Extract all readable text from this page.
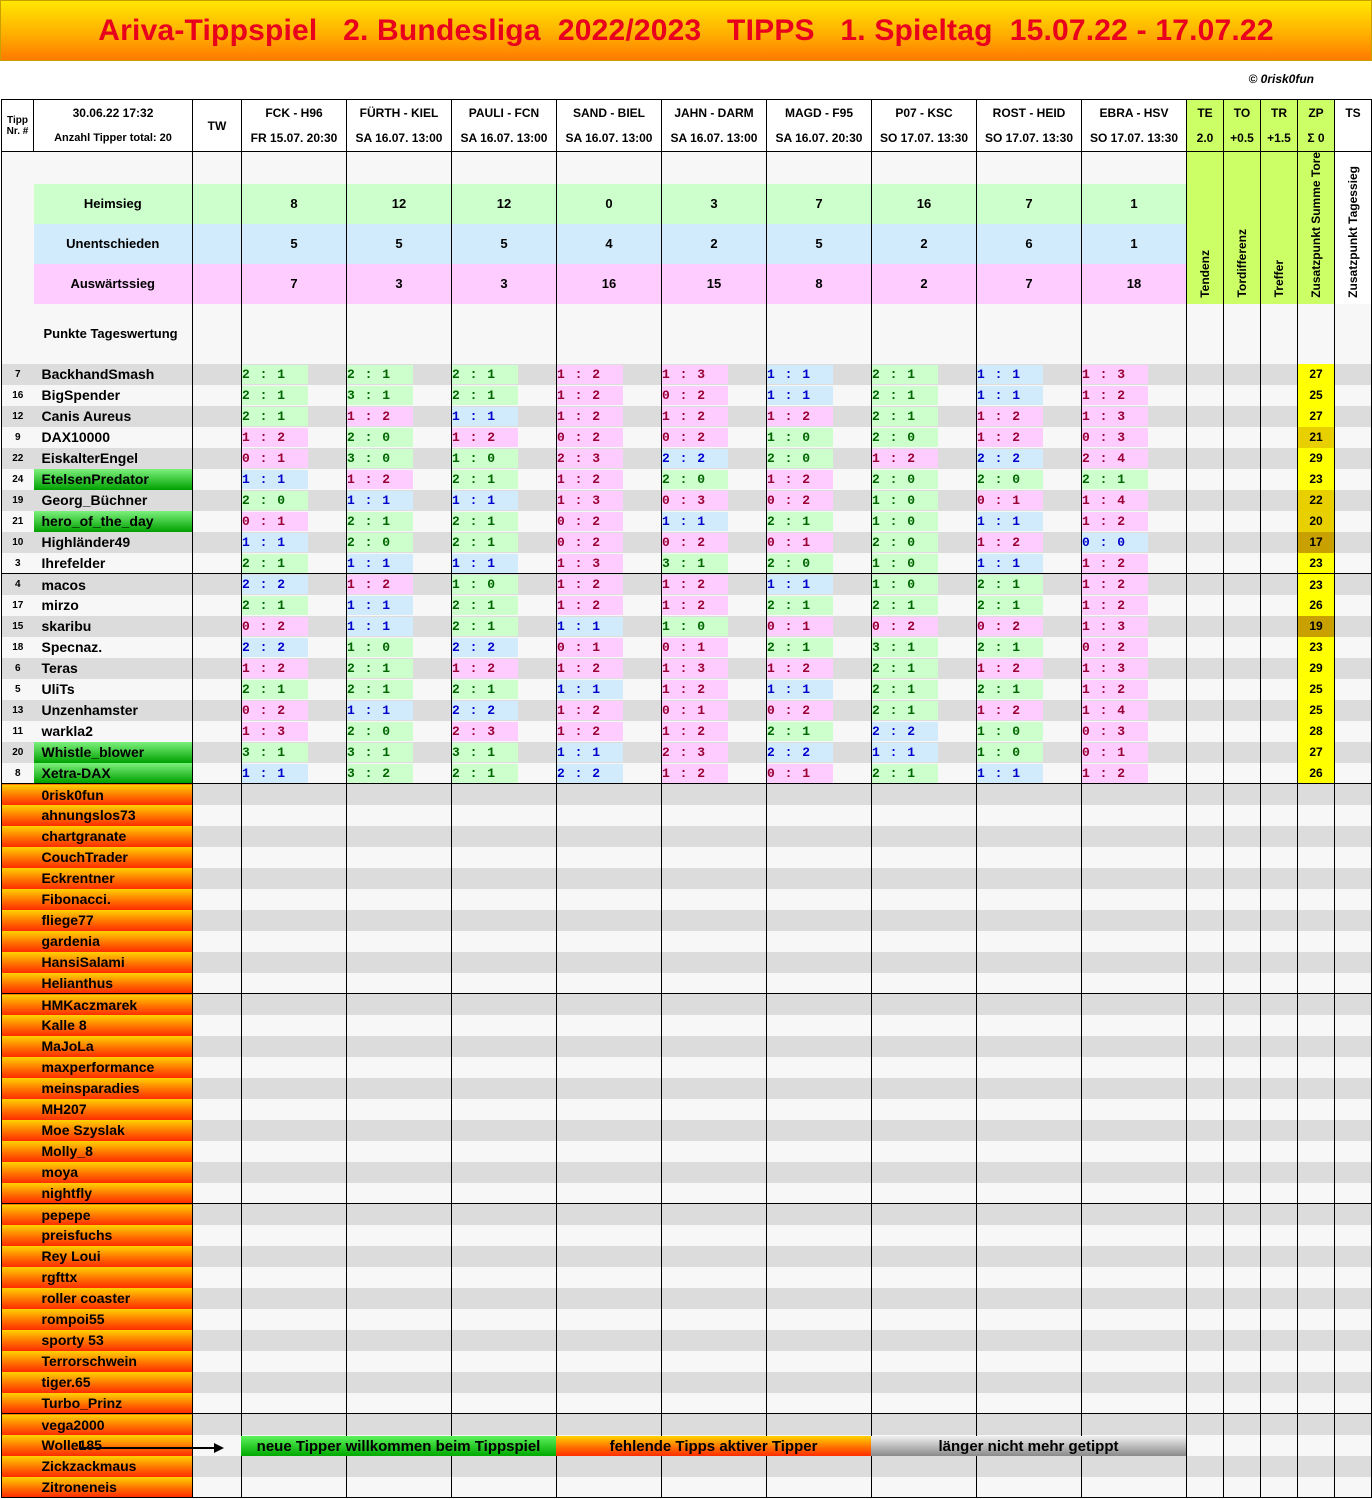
Ariva-Tippspiel
2. Bundesliga
2022/2023
TIPPS
1. Spieltag
15.07.22 - 17.07.22
© 0risk0fun
Tipp	30.06.22 17:32	TW	FCK - H96	FÜRTH - KIEL	PAULI - FCN	SAND - BIEL	JAHN - DARM	MAGD - F95	P07 - KSC	ROST - HEID	EBRA - HSV	TE	TO	TR	ZP	TS
Nr. #	Anzahl Tipper total: 20		FR 15.07. 20:30	SA 16.07. 13:00	SA 16.07. 13:00	SA 16.07. 13:00	SA 16.07. 13:00	SA 16.07. 20:30	SO 17.07. 13:30	SO 17.07. 13:30	SO 17.07. 13:30	2.0	+0.5	+1.5	Σ 0	
												Tendenz	Tordifferenz	Treffer	Zusatzpunkt Summe Tore	Zusatzpunkt Tagessieg
	Heimsieg		8	12	12	0	3	7	16	7	1					
	Unentschieden		5	5	5	4	2	5	2	6	1					
	Auswärtssieg		7	3	3	16	15	8	2	7	18					
	Punkte Tageswertung															
7	BackhandSmash		2 : 1	2 : 1	2 : 1	1 : 2	1 : 3	1 : 1	2 : 1	1 : 1	1 : 3				27	
16	BigSpender		2 : 1	3 : 1	2 : 1	1 : 2	0 : 2	1 : 1	2 : 1	1 : 1	1 : 2				25	
12	Canis Aureus		2 : 1	1 : 2	1 : 1	1 : 2	1 : 2	1 : 2	2 : 1	1 : 2	1 : 3				27	
9	DAX10000		1 : 2	2 : 0	1 : 2	0 : 2	0 : 2	1 : 0	2 : 0	1 : 2	0 : 3				21	
22	EiskalterEngel		0 : 1	3 : 0	1 : 0	2 : 3	2 : 2	2 : 0	1 : 2	2 : 2	2 : 4				29	
24	EtelsenPredator		1 : 1	1 : 2	2 : 1	1 : 2	2 : 0	1 : 2	2 : 0	2 : 0	2 : 1				23	
19	Georg_Büchner		2 : 0	1 : 1	1 : 1	1 : 3	0 : 3	0 : 2	1 : 0	0 : 1	1 : 4				22	
21	hero_of_the_day		0 : 1	2 : 1	2 : 1	0 : 2	1 : 1	2 : 1	1 : 0	1 : 1	1 : 2				20	
10	Highländer49		1 : 1	2 : 0	2 : 1	0 : 2	0 : 2	0 : 1	2 : 0	1 : 2	0 : 0				17	
3	Ihrefelder		2 : 1	1 : 1	1 : 1	1 : 3	3 : 1	2 : 0	1 : 0	1 : 1	1 : 2				23	
4	macos		2 : 2	1 : 2	1 : 0	1 : 2	1 : 2	1 : 1	1 : 0	2 : 1	1 : 2				23	
17	mirzo		2 : 1	1 : 1	2 : 1	1 : 2	1 : 2	2 : 1	2 : 1	2 : 1	1 : 2				26	
15	skaribu		0 : 2	1 : 1	2 : 1	1 : 1	1 : 0	0 : 1	0 : 2	0 : 2	1 : 3				19	
18	Specnaz.		2 : 2	1 : 0	2 : 2	0 : 1	0 : 1	2 : 1	3 : 1	2 : 1	0 : 2				23	
6	Teras		1 : 2	2 : 1	1 : 2	1 : 2	1 : 3	1 : 2	2 : 1	1 : 2	1 : 3				29	
5	UliTs		2 : 1	2 : 1	2 : 1	1 : 1	1 : 2	1 : 1	2 : 1	2 : 1	1 : 2				25	
13	Unzenhamster		0 : 2	1 : 1	2 : 2	1 : 2	0 : 1	0 : 2	2 : 1	1 : 2	1 : 4				25	
11	warkla2		1 : 3	2 : 0	2 : 3	1 : 2	1 : 2	2 : 1	2 : 2	1 : 0	0 : 3				28	
20	Whistle_blower		3 : 1	3 : 1	3 : 1	1 : 1	2 : 3	2 : 2	1 : 1	1 : 0	0 : 1				27	
8	Xetra-DAX		1 : 1	3 : 2	2 : 1	2 : 2	1 : 2	0 : 1	2 : 1	1 : 1	1 : 2				26	
	0risk0fun															
	ahnungslos73															
	chartgranate															
	CouchTrader															
	Eckrentner															
	Fibonacci.															
	fliege77															
	gardenia															
	HansiSalami															
	Helianthus															
	HMKaczmarek															
	Kalle 8															
	MaJoLa															
	maxperformance															
	meinsparadies															
	MH207															
	Moe Szyslak															
	Molly_8															
	moya															
	nightfly															
	pepepe															
	preisfuchs															
	Rey Loui															
	rgfttx															
	roller coaster															
	rompoi55															
	sporty 53															
	Terrorschwein															
	tiger.65															
	Turbo_Prinz															
	vega2000															
	Wolle185															
	Zickzackmaus															
	Zitroneneis															

neue Tipper willkommen beim Tippspiel	fehlende Tipps aktiver Tipper	länger nicht mehr getippt
